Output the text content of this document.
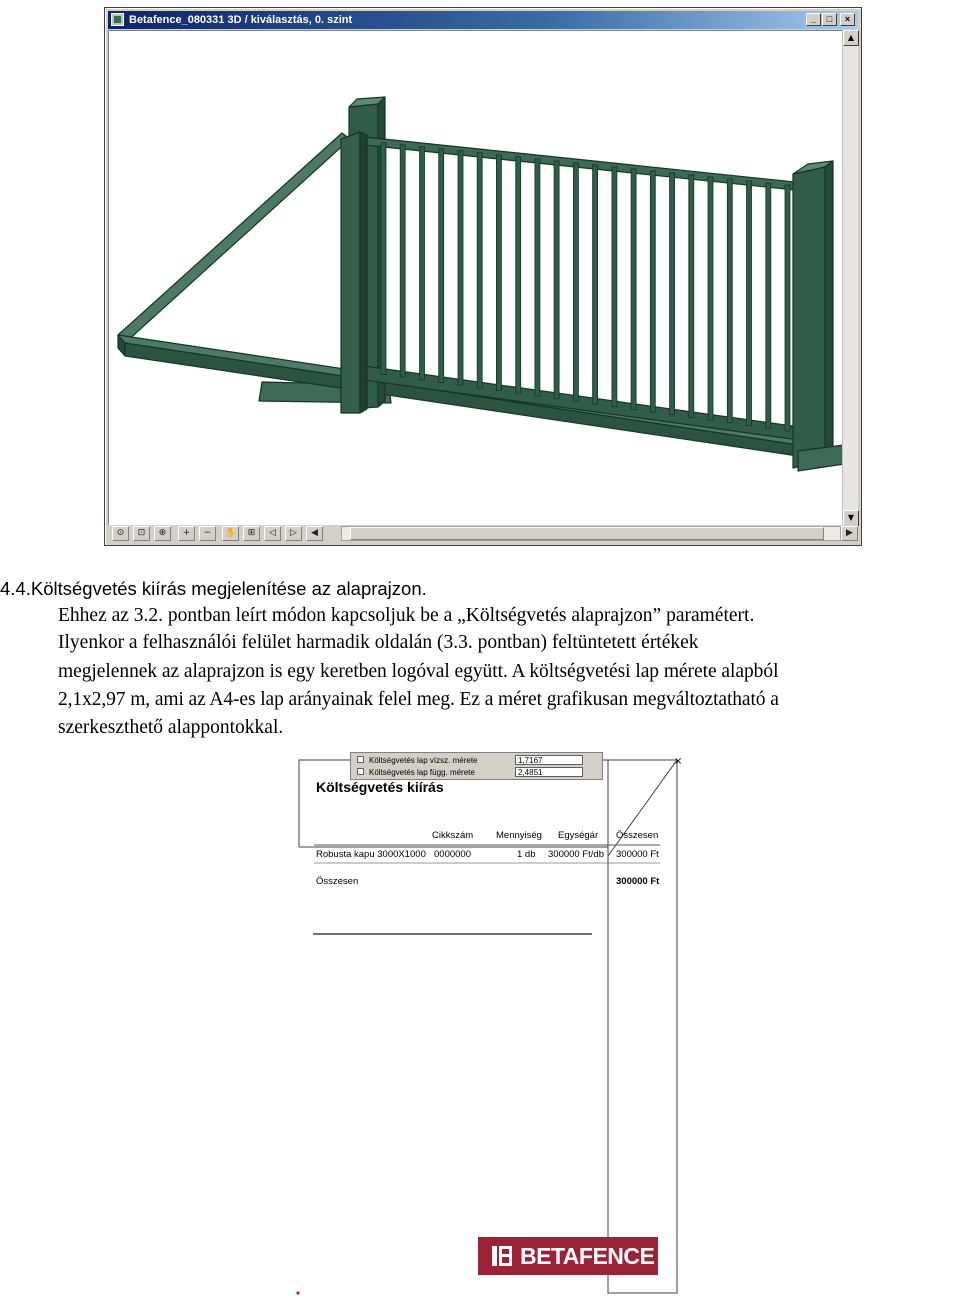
Betafence_080331 3D / kiválasztás, 0. szint	_	□	×
▲
▼
⊙	⊡	⊕	+	−	✋	⊞	◁	▷	◀	▶
4.4.Költségvetés kiírás megjelenítése az alaprajzon.
Ehhez az 3.2. pontban leírt módon kapcsoljuk be a „Költségvetés alaprajzon” paramétert.
Ilyenkor a felhasználói felület harmadik oldalán (3.3. pontban) feltüntetett értékek
megjelennek az alaprajzon is egy keretben logóval együtt. A költségvetési lap mérete alapból
2,1x2,97 m, ami az A4-es lap arányainak felel meg. Ez a méret grafikusan megváltoztatható a
szerkeszthető alappontokkal.
×
Költségvetés lap vízsz. mérete	1,7167
Költségvetés lap függ. mérete	2,4851
Költségvetés kiírás
Cikkszám Mennyiség Egységár Összesen
Robusta kapu 3000X1000 0000000	1 db 300000 Ft/db 300000 Ft
Összesen	300000 Ft
BETAFENCE
